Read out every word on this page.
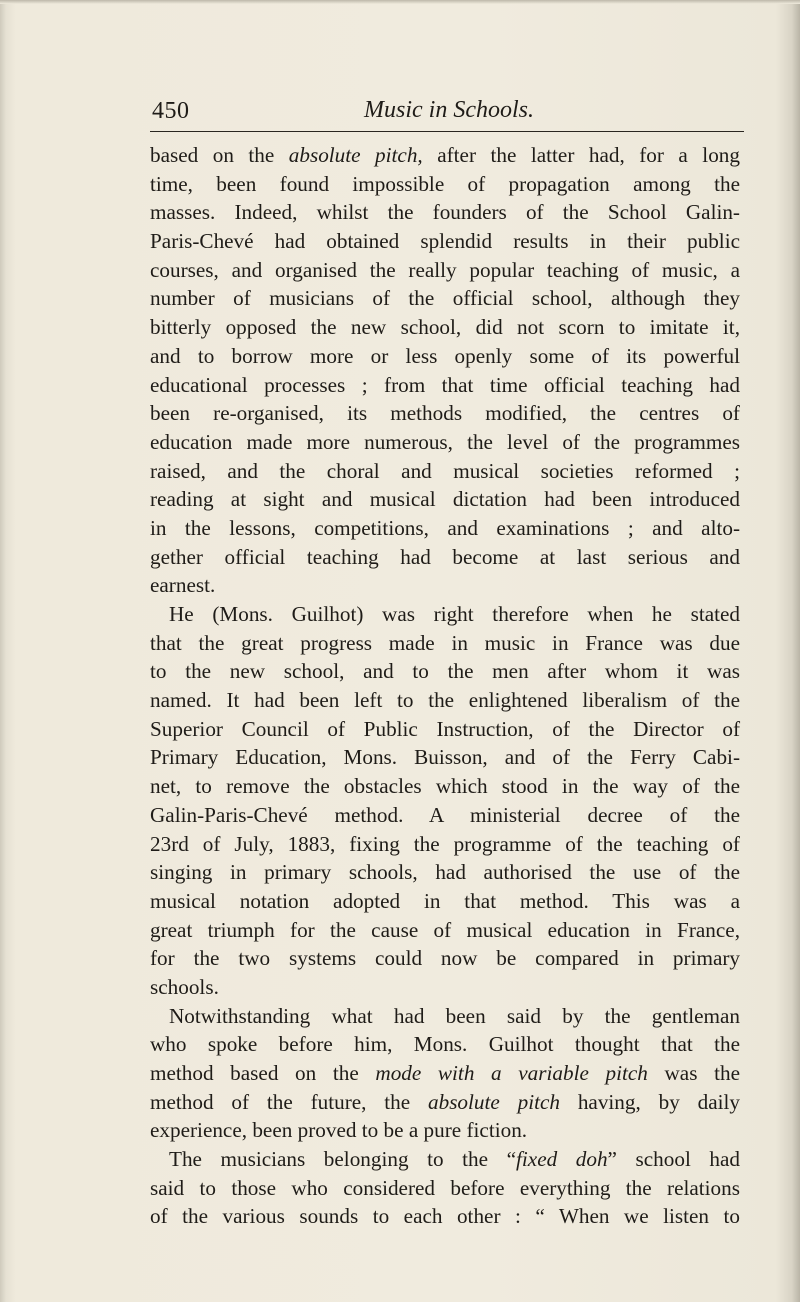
450	Music in Schools.
based on the absolute pitch, after the latter had, for a long
time, been found impossible of propagation among the
masses. Indeed, whilst the founders of the School Galin-
Paris-Chevé had obtained splendid results in their public
courses, and organised the really popular teaching of music, a
number of musicians of the official school, although they
bitterly opposed the new school, did not scorn to imitate it,
and to borrow more or less openly some of its powerful
educational processes ; from that time official teaching had
been re-organised, its methods modified, the centres of
education made more numerous, the level of the programmes
raised, and the choral and musical societies reformed ;
reading at sight and musical dictation had been introduced
in the lessons, competitions, and examinations ; and alto-
gether official teaching had become at last serious and
earnest.
He (Mons. Guilhot) was right therefore when he stated
that the great progress made in music in France was due
to the new school, and to the men after whom it was
named. It had been left to the enlightened liberalism of the
Superior Council of Public Instruction, of the Director of
Primary Education, Mons. Buisson, and of the Ferry Cabi-
net, to remove the obstacles which stood in the way of the
Galin-Paris-Chevé method. A ministerial decree of the
23rd of July, 1883, fixing the programme of the teaching of
singing in primary schools, had authorised the use of the
musical notation adopted in that method. This was a
great triumph for the cause of musical education in France,
for the two systems could now be compared in primary
schools.
Notwithstanding what had been said by the gentleman
who spoke before him, Mons. Guilhot thought that the
method based on the mode with a variable pitch was the
method of the future, the absolute pitch having, by daily
experience, been proved to be a pure fiction.
The musicians belonging to the “fixed doh” school had
said to those who considered before everything the relations
of the various sounds to each other : “ When we listen to
